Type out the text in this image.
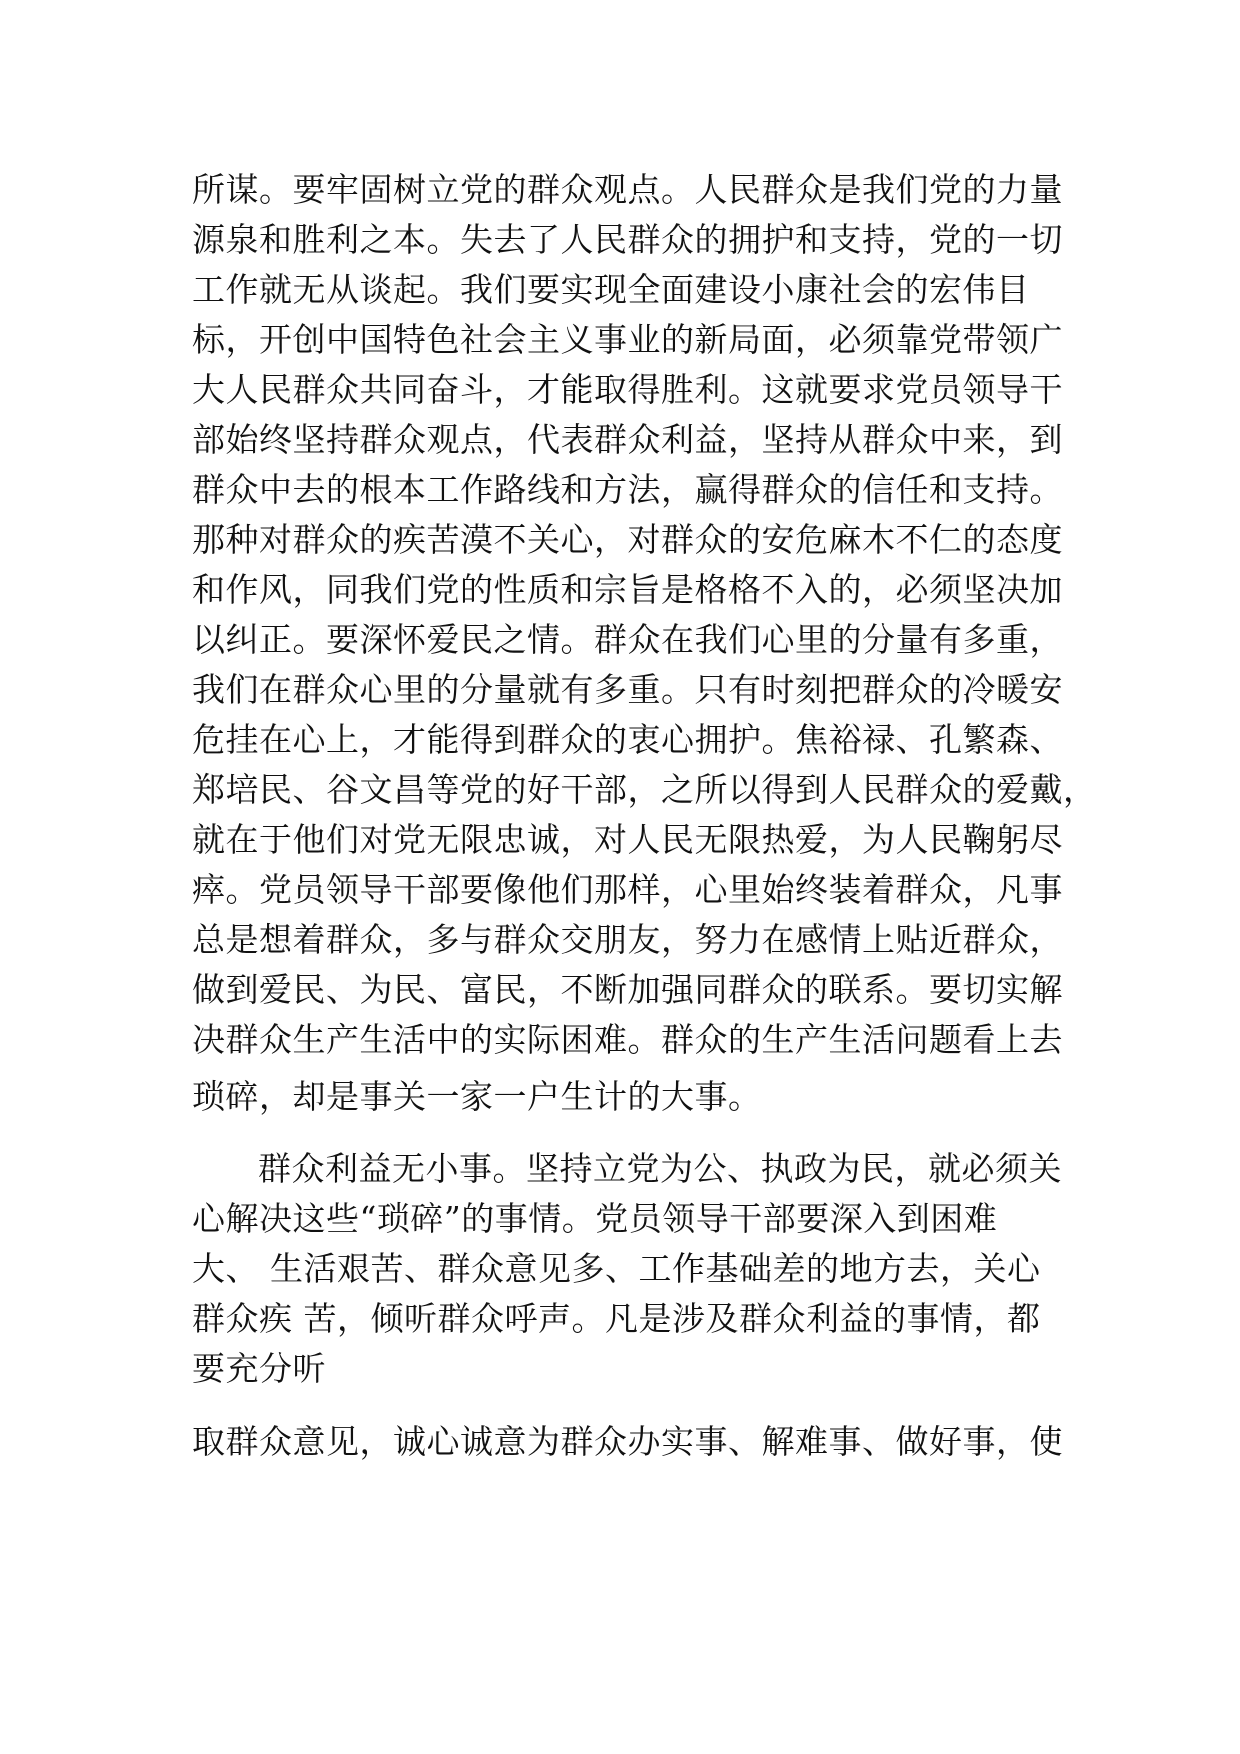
所谋。要牢固树立党的群众观点。人民群众是我们党的力量
源泉和胜利之本。失去了人民群众的拥护和支持，党的一切
工作就无从谈起。我们要实现全面建设小康社会的宏伟目
标，开创中国特色社会主义事业的新局面，必须靠党带领广
大人民群众共同奋斗，才能取得胜利。这就要求党员领导干
部始终坚持群众观点，代表群众利益，坚持从群众中来，到
群众中去的根本工作路线和方法，赢得群众的信任和支持。
那种对群众的疾苦漠不关心，对群众的安危麻木不仁的态度
和作风，同我们党的性质和宗旨是格格不入的，必须坚决加
以纠正。要深怀爱民之情。群众在我们心里的分量有多重，
我们在群众心里的分量就有多重。只有时刻把群众的冷暖安
危挂在心上，才能得到群众的衷心拥护。焦裕禄、孔繁森、
郑培民、谷文昌等党的好干部，之所以得到人民群众的爱戴，
就在于他们对党无限忠诚，对人民无限热爱，为人民鞠躬尽
瘁。党员领导干部要像他们那样，心里始终装着群众，凡事
总是想着群众，多与群众交朋友，努力在感情上贴近群众，
做到爱民、为民、富民，不断加强同群众的联系。要切实解
决群众生产生活中的实际困难。群众的生产生活问题看上去
琐碎，却是事关一家一户生计的大事。
群众利益无小事。坚持立党为公、执政为民，就必须关
心解决这些“琐碎”的事情。党员领导干部要深入到困难
大、 生活艰苦、群众意见多、工作基础差的地方去，关心
群众疾 苦，倾听群众呼声。凡是涉及群众利益的事情，都
要充分听
取群众意见，诚心诚意为群众办实事、解难事、做好事，使
